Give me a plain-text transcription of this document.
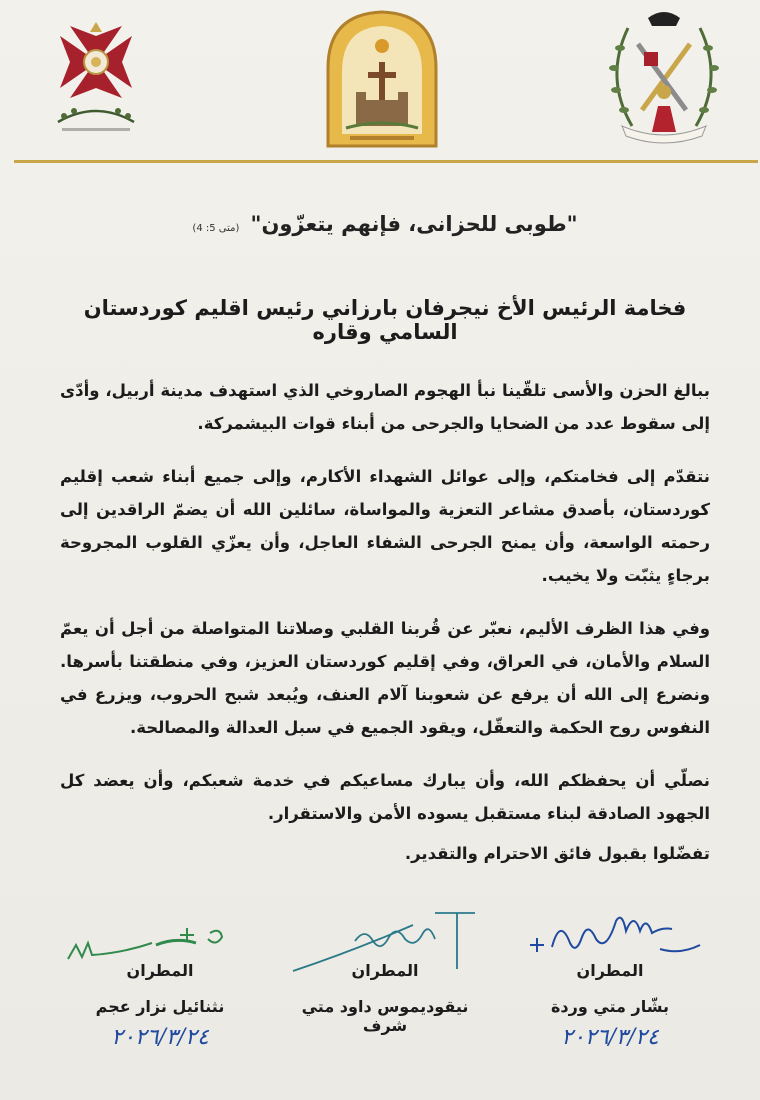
"طوبى للحزانى، فإنهم يتعزّون" (متى 5: 4)
فخامة الرئيس الأخ نيجرفان بارزاني رئيس اقليم كوردستان السامي وقاره

ببالغ الحزن والأسى تلقّينا نبأ الهجوم الصاروخي الذي استهدف مدينة أربيل، وأدّى إلى سقوط عدد من الضحايا والجرحى من أبناء قوات البيشمركة.

نتقدّم إلى فخامتكم، وإلى عوائل الشهداء الأكارم، وإلى جميع أبناء شعب إقليم كوردستان، بأصدق مشاعر التعزية والمواساة، سائلين الله أن يضمّ الراقدين إلى رحمته الواسعة، وأن يمنح الجرحى الشفاء العاجل، وأن يعزّي القلوب المجروحة برجاءٍ يثبّت ولا يخيب.

وفي هذا الظرف الأليم، نعبّر عن قُربنا القلبي وصلاتنا المتواصلة من أجل أن يعمّ السلام والأمان، في العراق، وفي إقليم كوردستان العزيز، وفي منطقتنا بأسرها. ونضرع إلى الله أن يرفع عن شعوبنا آلام العنف، ويُبعد شبح الحروب، ويزرع في النفوس روح الحكمة والتعقّل، ويقود الجميع في سبل العدالة والمصالحة.

نصلّي أن يحفظكم الله، وأن يبارك مساعيكم في خدمة شعبكم، وأن يعضد كل الجهود الصادقة لبناء مستقبل يسوده الأمن والاستقرار.

تفضّلوا بقبول فائق الاحترام والتقدير.
المطران
بشّار متي وردة
٢٠٢٦/٣/٢٤
المطران
نيقوديموس داود متي شرف
المطران
نثنائيل نزار عجم
٢٠٢٦/٣/٢٤
